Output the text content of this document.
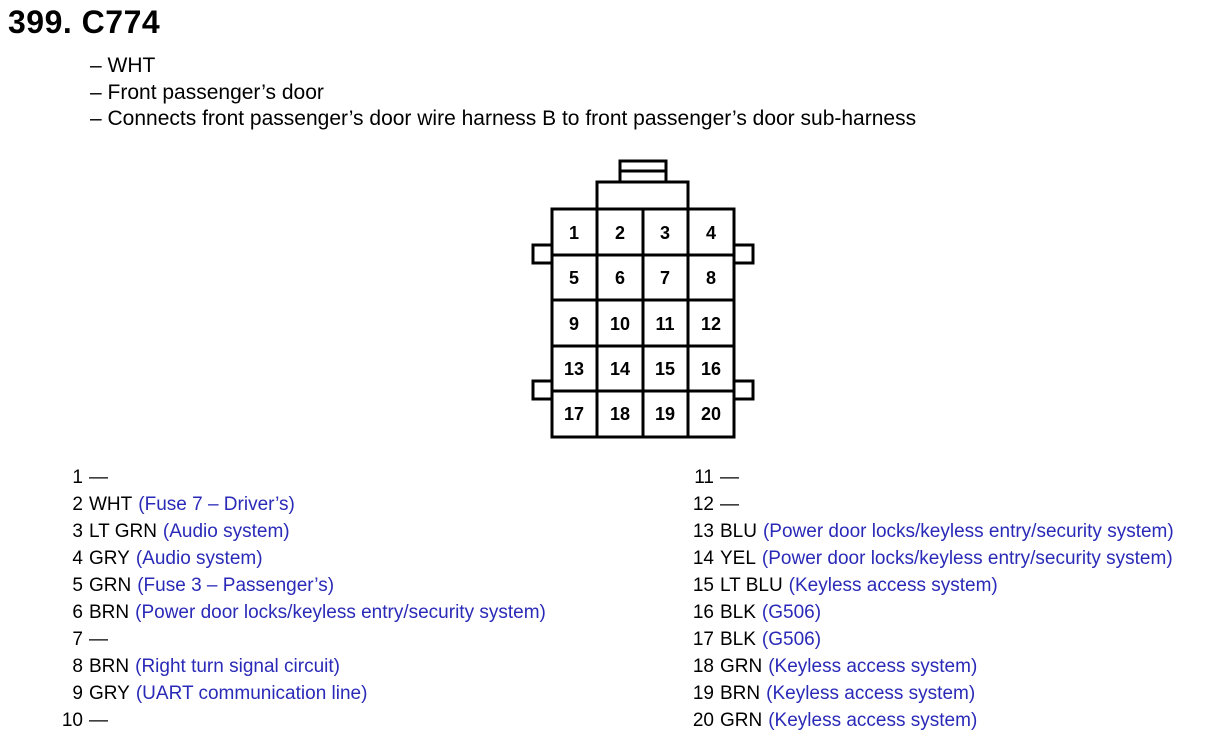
399. C774
– WHT
– Front passenger’s door
– Connects front passenger’s door wire harness B to front passenger’s door sub-harness
1 2 3 4
5 6 7 8
9 10 11 12
13 14 15 16
17 18 19 20
1 —
2 WHT (Fuse 7 – Driver’s)
3 LT GRN (Audio system)
4 GRY (Audio system)
5 GRN (Fuse 3 – Passenger’s)
6 BRN (Power door locks/keyless entry/security system)
7 —
8 BRN (Right turn signal circuit)
9 GRY (UART communication line)
10 —
11 —
12 —
13 BLU (Power door locks/keyless entry/security system)
14 YEL (Power door locks/keyless entry/security system)
15 LT BLU (Keyless access system)
16 BLK (G506)
17 BLK (G506)
18 GRN (Keyless access system)
19 BRN (Keyless access system)
20 GRN (Keyless access system)
